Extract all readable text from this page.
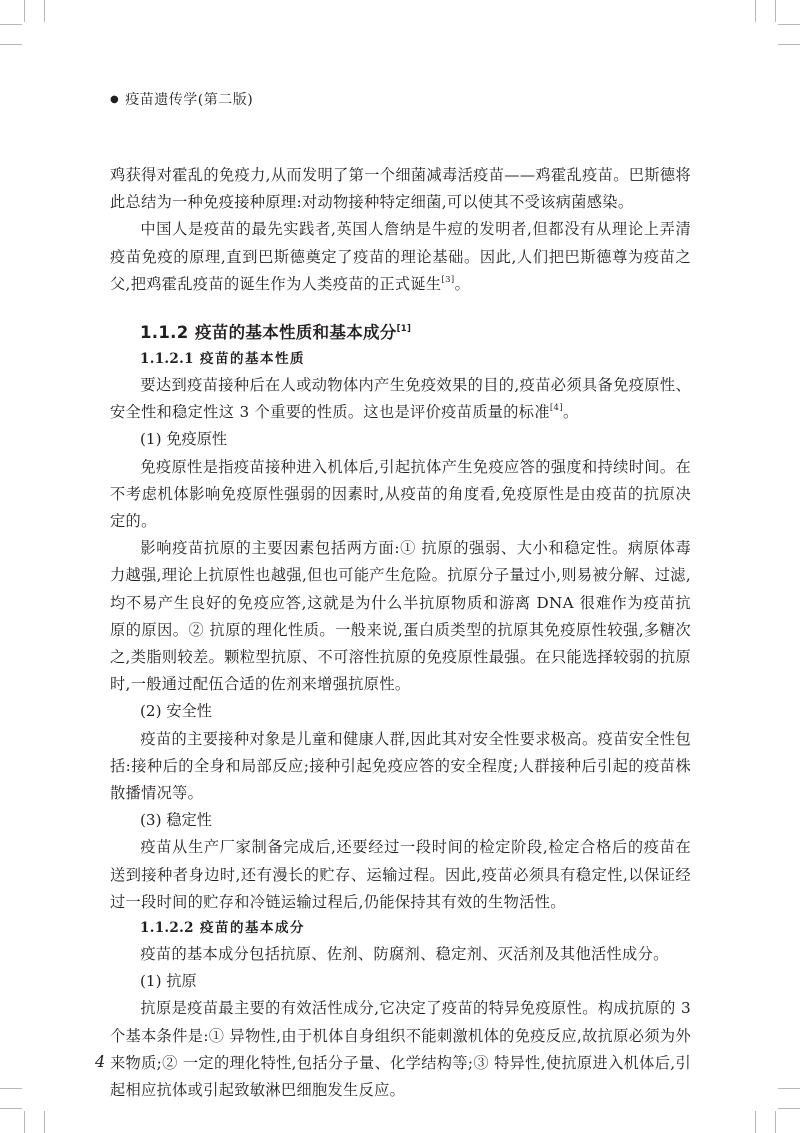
● 疫苗遗传学(第二版)

鸡获得对霍乱的免疫力,从而发明了第一个细菌减毒活疫苗——鸡霍乱疫苗。巴斯德将此总结为一种免疫接种原理:对动物接种特定细菌,可以使其不受该病菌感染。

中国人是疫苗的最先实践者,英国人詹纳是牛痘的发明者,但都没有从理论上弄清疫苗免疫的原理,直到巴斯德奠定了疫苗的理论基础。因此,人们把巴斯德尊为疫苗之父,把鸡霍乱疫苗的诞生作为人类疫苗的正式诞生[3]。

1.1.2 疫苗的基本性质和基本成分[1]
1.1.2.1 疫苗的基本性质

要达到疫苗接种后在人或动物体内产生免疫效果的目的,疫苗必须具备免疫原性、安全性和稳定性这 3 个重要的性质。这也是评价疫苗质量的标准[4]。

(1) 免疫原性

免疫原性是指疫苗接种进入机体后,引起抗体产生免疫应答的强度和持续时间。在不考虑机体影响免疫原性强弱的因素时,从疫苗的角度看,免疫原性是由疫苗的抗原决定的。

影响疫苗抗原的主要因素包括两方面:① 抗原的强弱、大小和稳定性。病原体毒力越强,理论上抗原性也越强,但也可能产生危险。抗原分子量过小,则易被分解、过滤,均不易产生良好的免疫应答,这就是为什么半抗原物质和游离 DNA 很难作为疫苗抗原的原因。② 抗原的理化性质。一般来说,蛋白质类型的抗原其免疫原性较强,多糖次之,类脂则较差。颗粒型抗原、不可溶性抗原的免疫原性最强。在只能选择较弱的抗原时,一般通过配伍合适的佐剂来增强抗原性。

(2) 安全性

疫苗的主要接种对象是儿童和健康人群,因此其对安全性要求极高。疫苗安全性包括:接种后的全身和局部反应;接种引起免疫应答的安全程度;人群接种后引起的疫苗株散播情况等。

(3) 稳定性

疫苗从生产厂家制备完成后,还要经过一段时间的检定阶段,检定合格后的疫苗在送到接种者身边时,还有漫长的贮存、运输过程。因此,疫苗必须具有稳定性,以保证经过一段时间的贮存和冷链运输过程后,仍能保持其有效的生物活性。

1.1.2.2 疫苗的基本成分

疫苗的基本成分包括抗原、佐剂、防腐剂、稳定剂、灭活剂及其他活性成分。

(1) 抗原

抗原是疫苗最主要的有效活性成分,它决定了疫苗的特异免疫原性。构成抗原的 3 个基本条件是:① 异物性,由于机体自身组织不能刺激机体的免疫反应,故抗原必须为外来物质;② 一定的理化特性,包括分子量、化学结构等;③ 特异性,使抗原进入机体后,引起相应抗体或引起致敏淋巴细胞发生反应。

4
